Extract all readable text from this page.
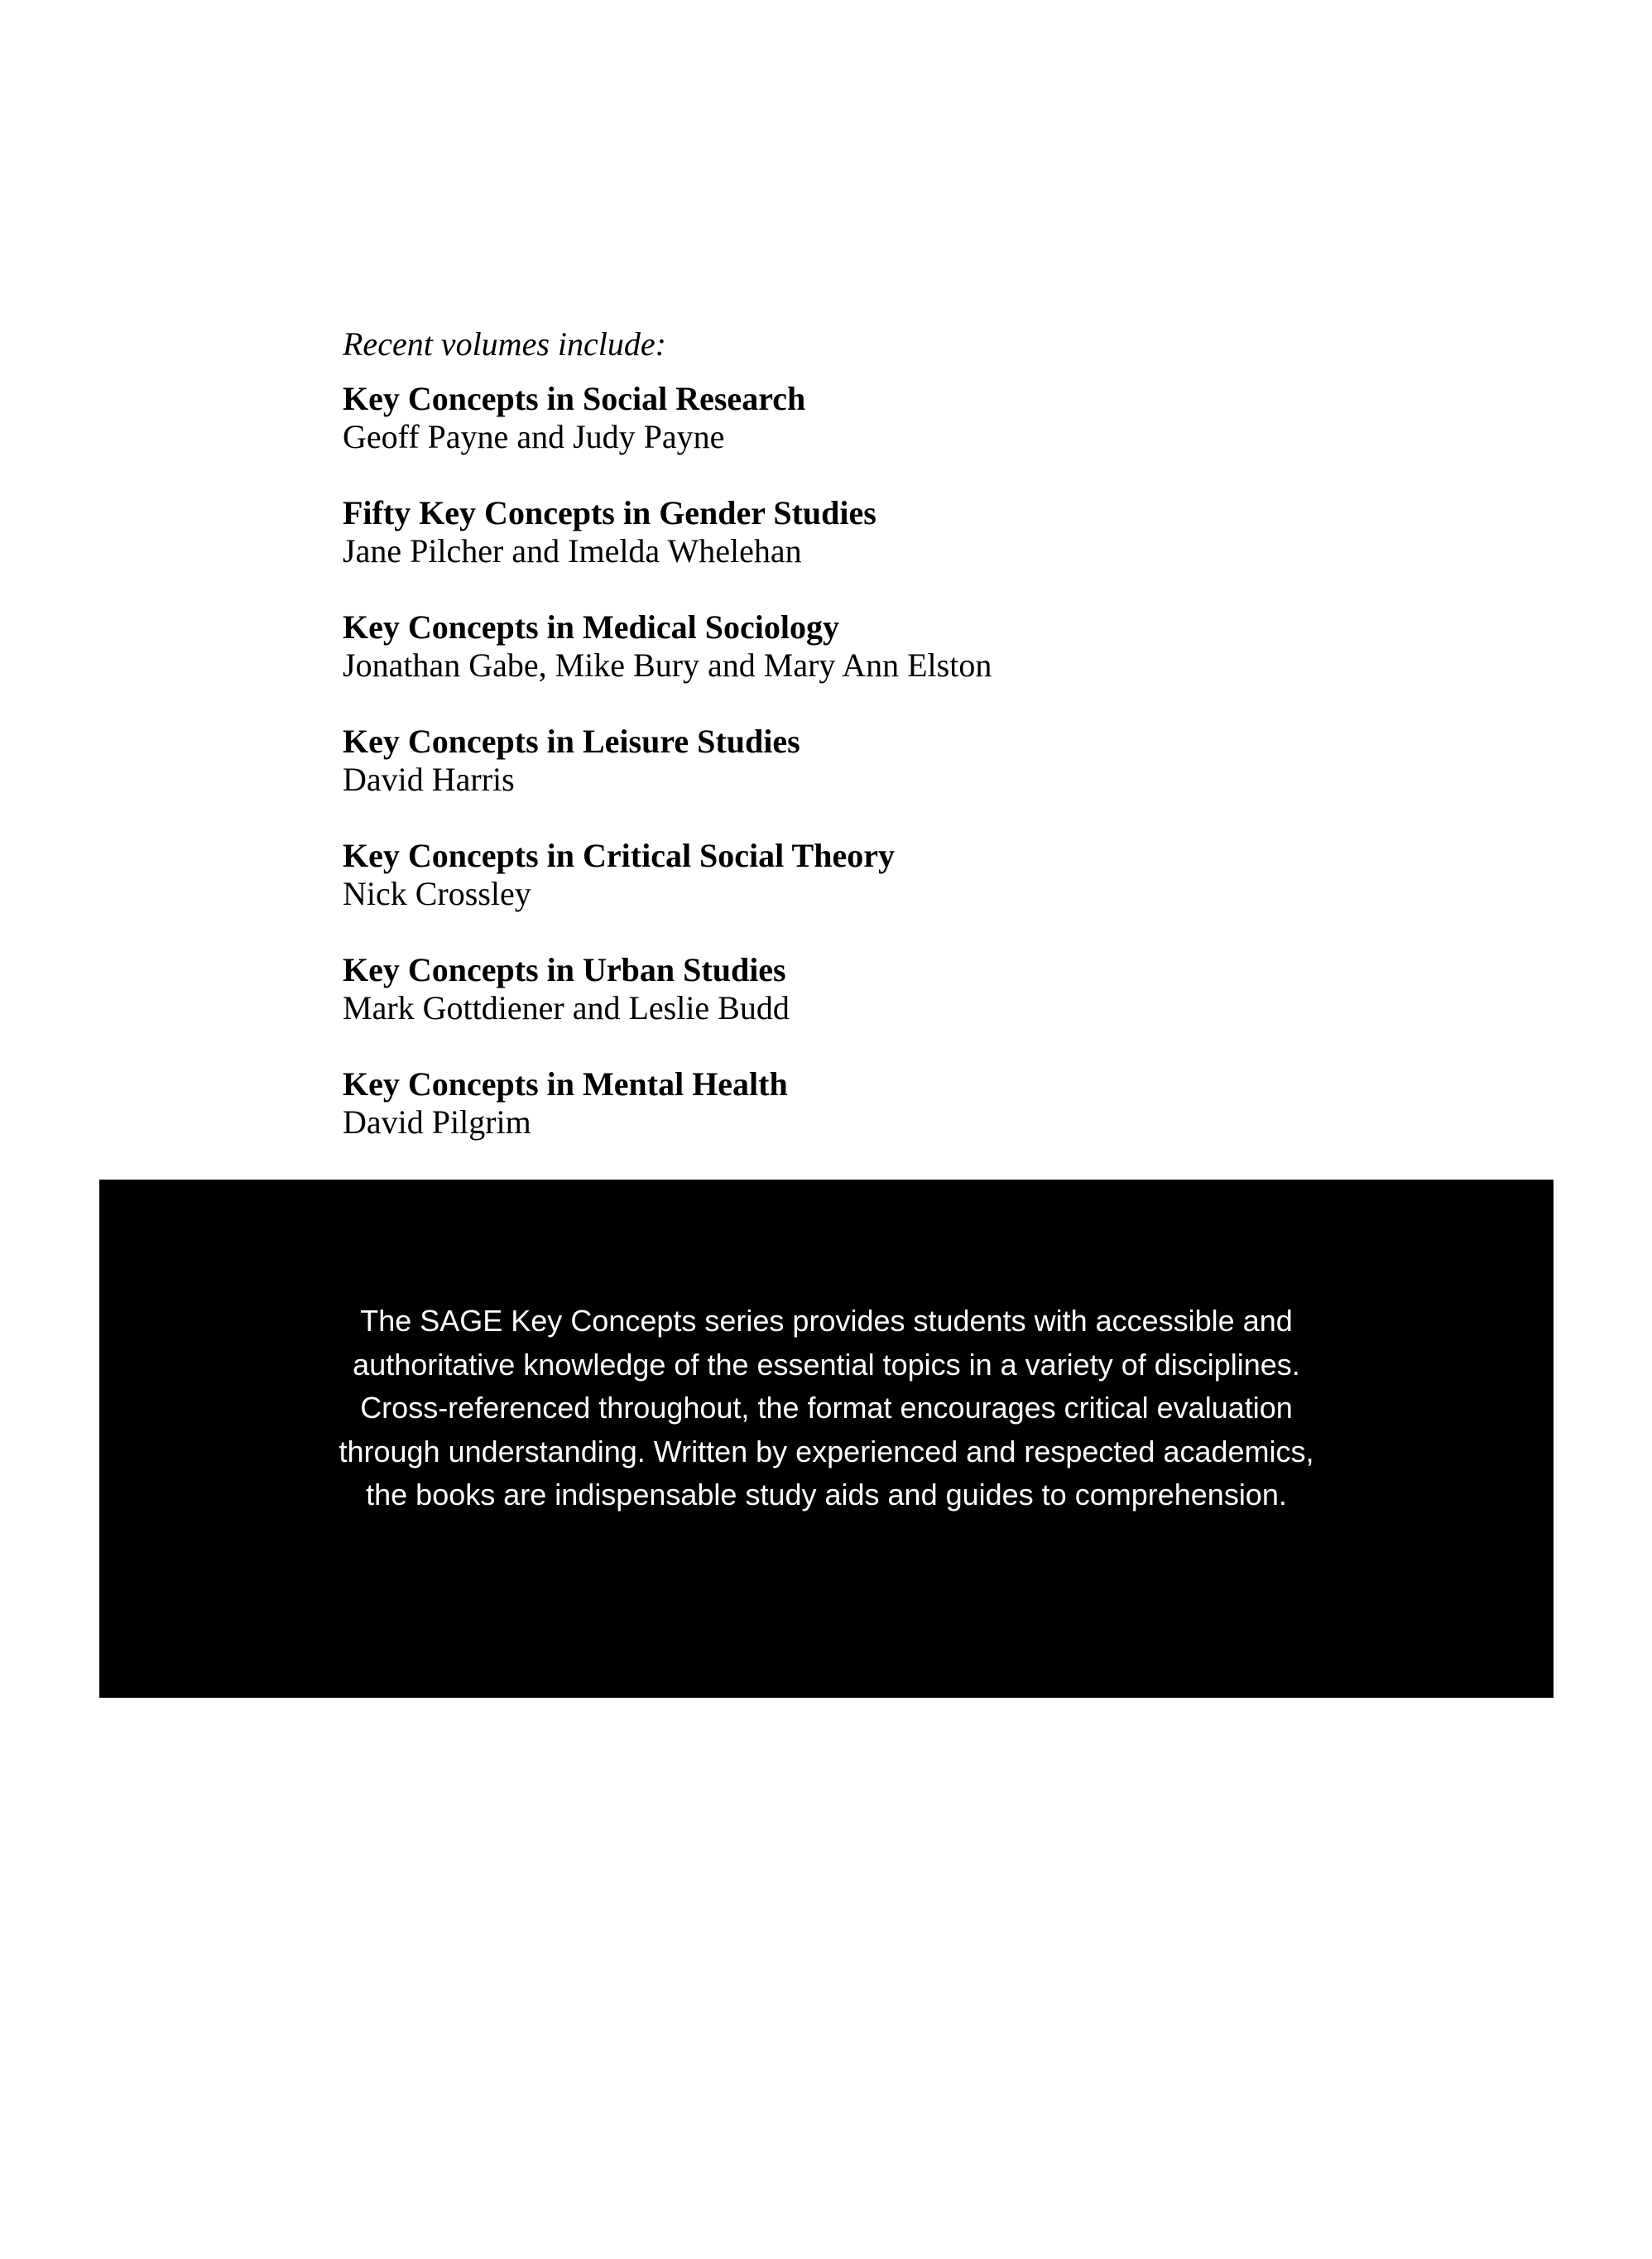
Recent volumes include:

Key Concepts in Social Research

Geoff Payne and Judy Payne

Fifty Key Concepts in Gender Studies

Jane Pilcher and Imelda Whelehan

Key Concepts in Medical Sociology

Jonathan Gabe, Mike Bury and Mary Ann Elston

Key Concepts in Leisure Studies

David Harris

Key Concepts in Critical Social Theory

Nick Crossley

Key Concepts in Urban Studies

Mark Gottdiener and Leslie Budd

Key Concepts in Mental Health

David Pilgrim

The SAGE Key Concepts series provides students with accessible and authoritative knowledge of the essential topics in a variety of disciplines. Cross-referenced throughout, the format encourages critical evaluation through understanding. Written by experienced and respected academics, the books are indispensable study aids and guides to comprehension.
